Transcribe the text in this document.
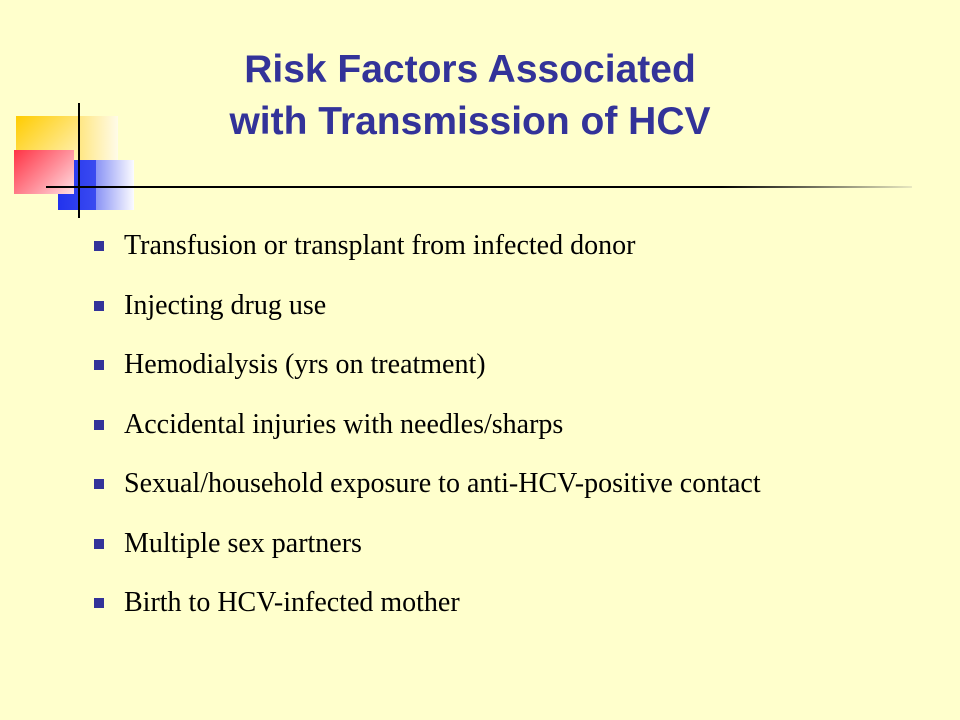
Risk Factors Associated
with Transmission of HCV
Transfusion or transplant from infected donor
Injecting drug use
Hemodialysis (yrs on treatment)
Accidental injuries with needles/sharps
Sexual/household exposure to anti-HCV-positive contact
Multiple sex partners
Birth to HCV-infected mother
